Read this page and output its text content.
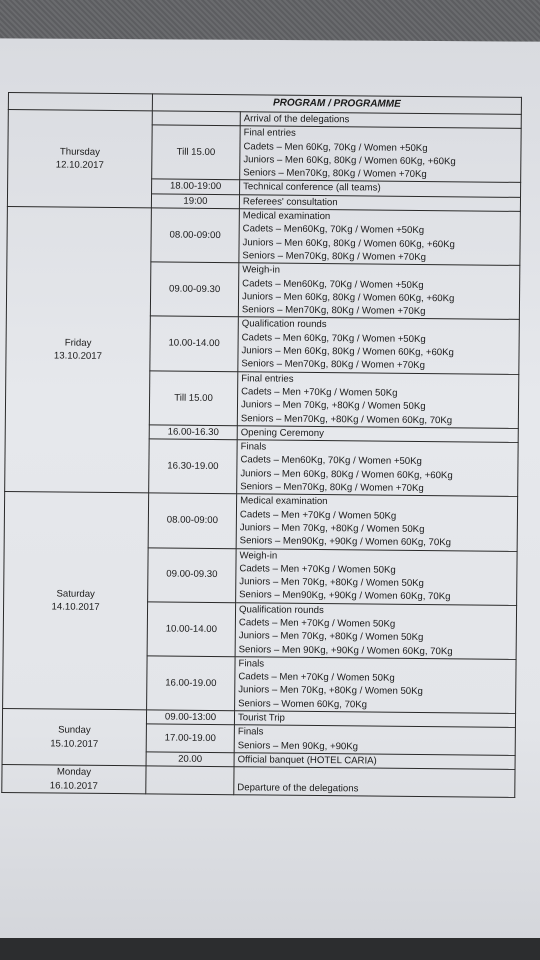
	PROGRAM / PROGRAMME	

Thursday
12.10.2017		Arrival of the delegations

	Till 15.00	Final entries
Cadets – Men 60Kg, 70Kg / Women +50Kg
Juniors – Men 60Kg, 80Kg / Women 60Kg, +60Kg
Seniors – Men70Kg, 80Kg / Women +70Kg

	18.00-19:00	Technical conference (all teams)

	19:00	Referees' consultation

Friday
13.10.2017	08.00-09:00	Medical examination
Cadets – Men60Kg, 70Kg / Women +50Kg
Juniors – Men 60Kg, 80Kg / Women 60Kg, +60Kg
Seniors – Men70Kg, 80Kg / Women +70Kg

	09.00-09.30	Weigh-in
Cadets – Men60Kg, 70Kg / Women +50Kg
Juniors – Men 60Kg, 80Kg / Women 60Kg, +60Kg
Seniors – Men70Kg, 80Kg / Women +70Kg

	10.00-14.00	Qualification rounds
Cadets – Men 60Kg, 70Kg / Women +50Kg
Juniors – Men 60Kg, 80Kg / Women 60Kg, +60Kg
Seniors – Men70Kg, 80Kg / Women +70Kg

	Till 15.00	Final entries
Cadets – Men +70Kg / Women 50Kg
Juniors – Men 70Kg, +80Kg / Women 50Kg
Seniors – Men70Kg, +80Kg / Women 60Kg, 70Kg

	16.00-16.30	Opening Ceremony

	16.30-19.00	Finals
Cadets – Men60Kg, 70Kg / Women +50Kg
Juniors – Men 60Kg, 80Kg / Women 60Kg, +60Kg
Seniors – Men70Kg, 80Kg / Women +70Kg

Saturday
14.10.2017	08.00-09:00	Medical examination
Cadets – Men +70Kg / Women 50Kg
Juniors – Men 70Kg, +80Kg / Women 50Kg
Seniors – Men90Kg, +90Kg / Women 60Kg, 70Kg

	09.00-09.30	Weigh-in
Cadets – Men +70Kg / Women 50Kg
Juniors – Men 70Kg, +80Kg / Women 50Kg
Seniors – Men90Kg, +90Kg / Women 60Kg, 70Kg

	10.00-14.00	Qualification rounds
Cadets – Men +70Kg / Women 50Kg
Juniors – Men 70Kg, +80Kg / Women 50Kg
Seniors – Men 90Kg, +90Kg / Women 60Kg, 70Kg

	16.00-19.00	Finals
Cadets – Men +70Kg / Women 50Kg
Juniors – Men 70Kg, +80Kg / Women 50Kg
Seniors – Women 60Kg, 70Kg

Sunday
15.10.2017	09.00-13:00	Tourist Trip

	17.00-19.00	Finals
Seniors – Men 90Kg, +90Kg

	20.00	Official banquet (HOTEL CARIA)

Monday
16.10.2017		Departure of the delegations
